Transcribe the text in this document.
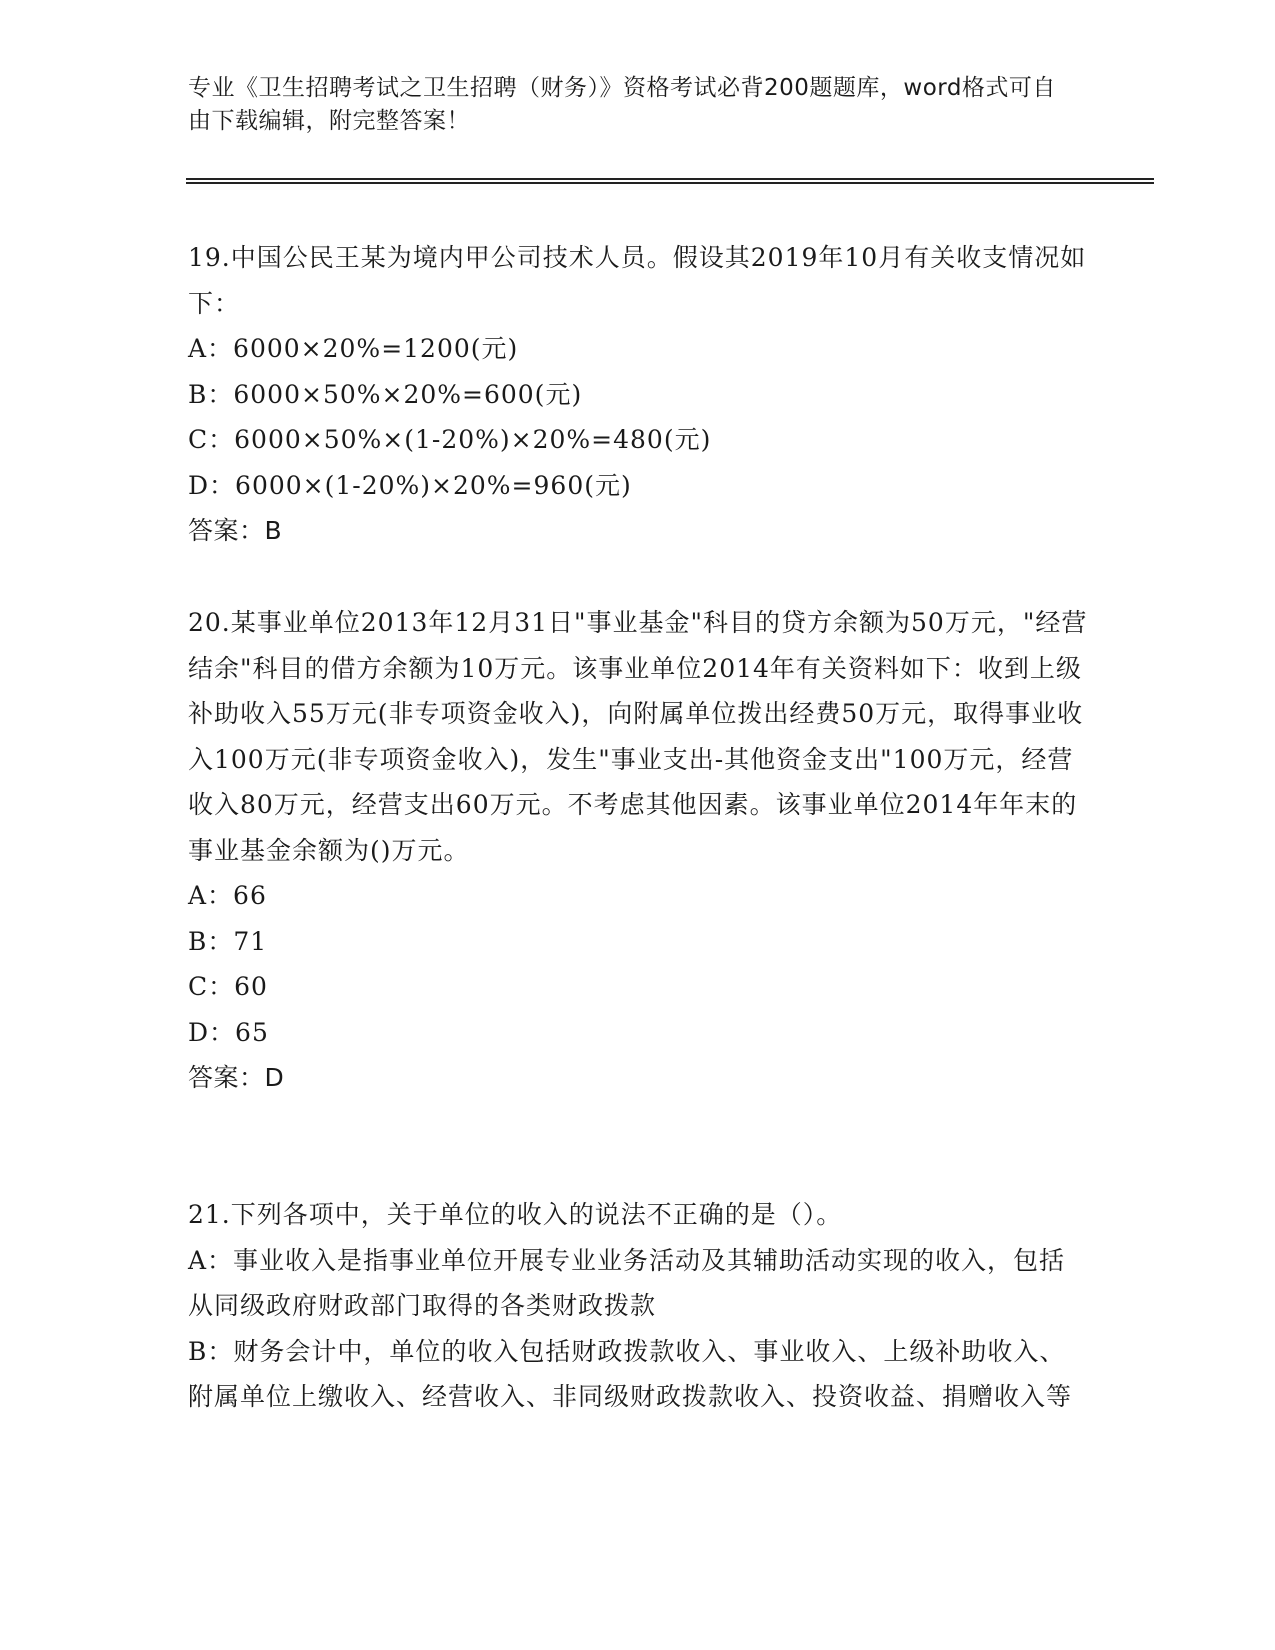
专业《卫生招聘考试之卫生招聘（财务）》资格考试必背200题题库，word格式可自由下载编辑，附完整答案！

19.中国公民王某为境内甲公司技术人员。假设其2019年10月有关收支情况如下：

A：6000×20%=1200(元)

B：6000×50%×20%=600(元)

C：6000×50%×(1-20%)×20%=480(元)

D：6000×(1-20%)×20%=960(元)

答案：B

20.某事业单位2013年12月31日"事业基金"科目的贷方余额为50万元，"经营结余"科目的借方余额为10万元。该事业单位2014年有关资料如下：收到上级补助收入55万元(非专项资金收入)，向附属单位拨出经费50万元，取得事业收入100万元(非专项资金收入)，发生"事业支出-其他资金支出"100万元，经营收入80万元，经营支出60万元。不考虑其他因素。该事业单位2014年年末的事业基金余额为()万元。

A：66

B：71

C：60

D：65

答案：D

21.下列各项中，关于单位的收入的说法不正确的是（）。

A：事业收入是指事业单位开展专业业务活动及其辅助活动实现的收入，包括从同级政府财政部门取得的各类财政拨款

B：财务会计中，单位的收入包括财政拨款收入、事业收入、上级补助收入、附属单位上缴收入、经营收入、非同级财政拨款收入、投资收益、捐赠收入等
